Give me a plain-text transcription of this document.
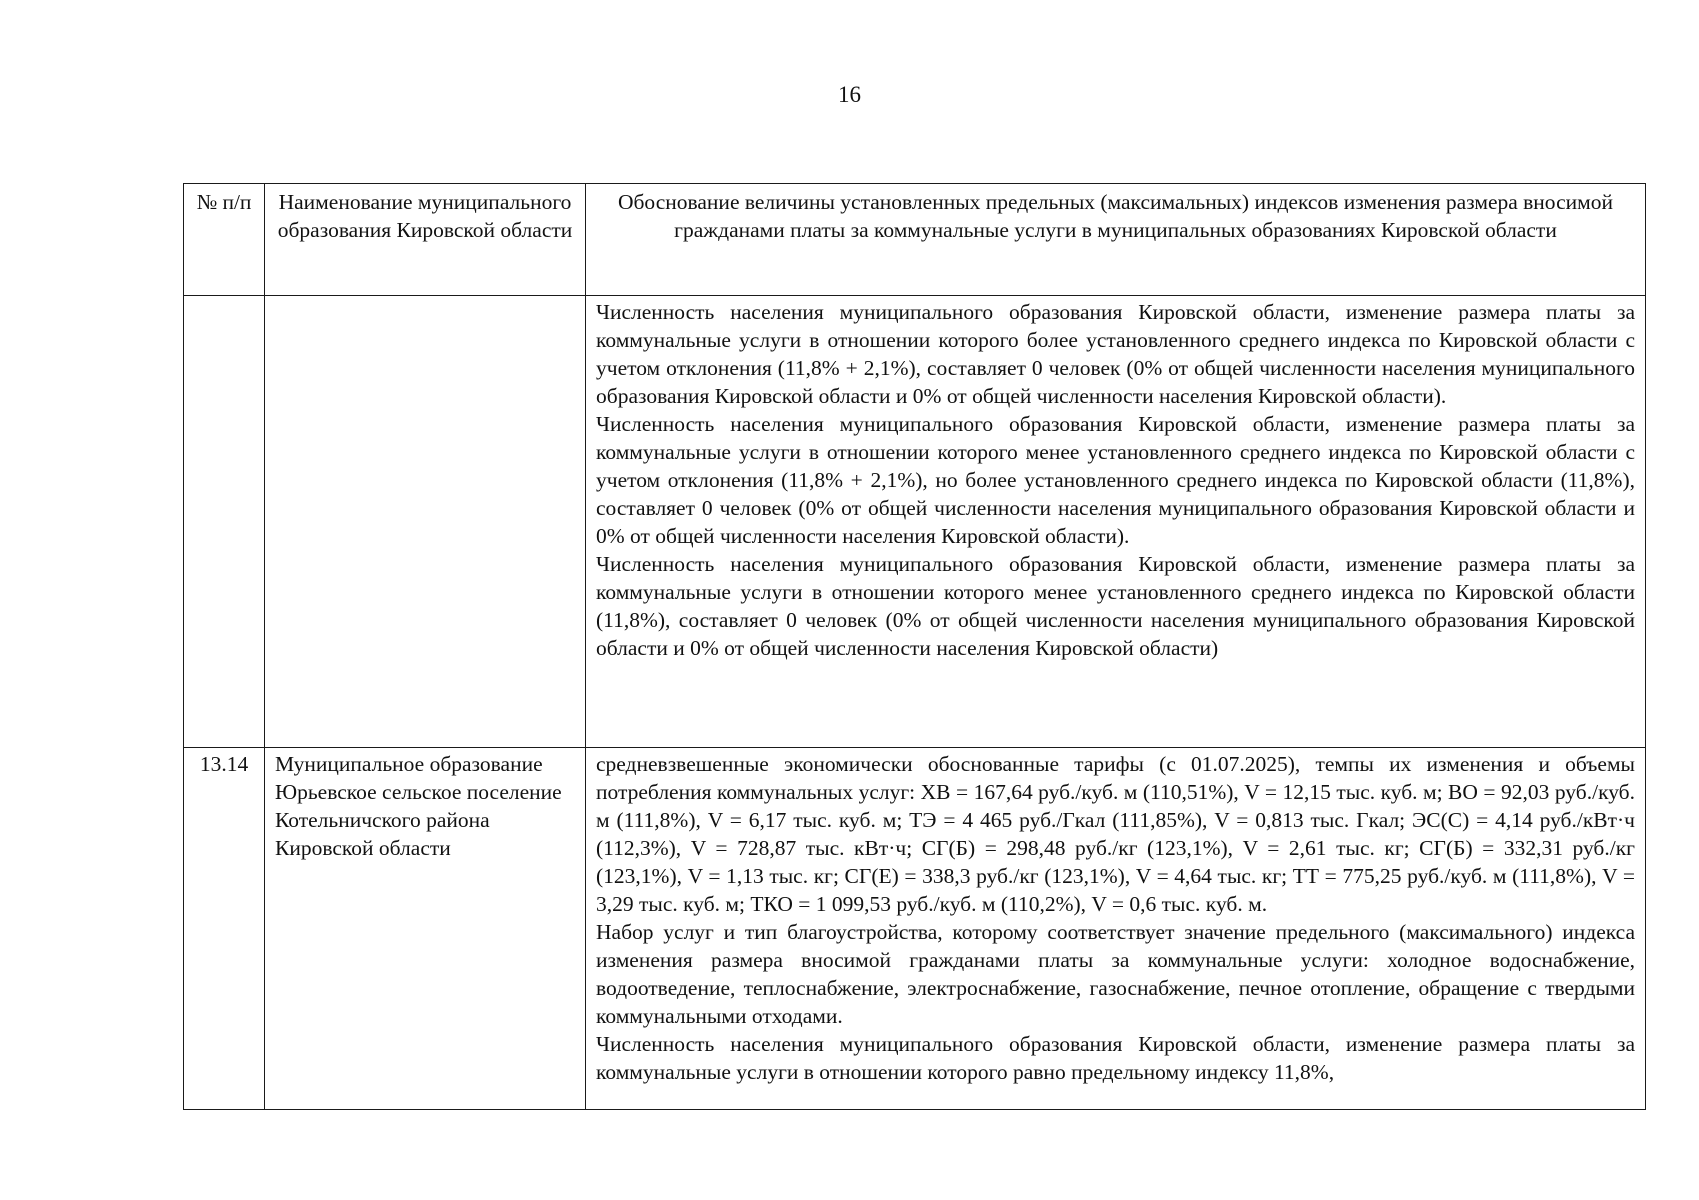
16
№ п/п	Наименование муниципального образования Кировской области	Обоснование величины установленных предельных (максимальных) индексов изменения размера вносимой гражданами платы за коммунальные услуги в муниципальных образованиях Кировской области

		Численность населения муниципального образования Кировской области, изменение размера платы за коммунальные услуги в отношении которого более установленного среднего индекса по Кировской области с учетом отклонения (11,8% + 2,1%), составляет 0 человек (0% от общей численности населения муниципального образования Кировской области и 0% от общей численности населения Кировской области).

Численность населения муниципального образования Кировской области, изменение размера платы за коммунальные услуги в отношении которого менее установленного среднего индекса по Кировской области с учетом отклонения (11,8% + 2,1%), но более установленного среднего индекса по Кировской области (11,8%), составляет 0 человек (0% от общей численности населения муниципального образования Кировской области и 0% от общей численности населения Кировской области).

Численность населения муниципального образования Кировской области, изменение размера платы за коммунальные услуги в отношении которого менее установленного среднего индекса по Кировской области (11,8%), составляет 0 человек (0% от общей численности населения муниципального образования Кировской области и 0% от общей численности населения Кировской области)

13.14	Муниципальное образование Юрьевское сельское поселение Котельничского района Кировской области	средневзвешенные экономически обоснованные тарифы (с 01.07.2025), темпы их изменения и объемы потребления коммунальных услуг: ХВ = 167,64 руб./куб. м (110,51%), V = 12,15 тыс. куб. м; ВО = 92,03 руб./куб. м (111,8%), V = 6,17 тыс. куб. м; ТЭ = 4 465 руб./Гкал (111,85%), V = 0,813 тыс. Гкал; ЭС(С) = 4,14 руб./кВт·ч (112,3%), V = 728,87 тыс. кВт·ч; СГ(Б) = 298,48 руб./кг (123,1%), V = 2,61 тыс. кг; СГ(Б) = 332,31 руб./кг (123,1%), V = 1,13 тыс. кг; СГ(Е) = 338,3 руб./кг (123,1%), V = 4,64 тыс. кг; ТТ = 775,25 руб./куб. м (111,8%), V = 3,29 тыс. куб. м; ТКО = 1 099,53 руб./куб. м (110,2%), V = 0,6 тыс. куб. м.

Набор услуг и тип благоустройства, которому соответствует значение предельного (максимального) индекса изменения размера вносимой гражданами платы за коммунальные услуги: холодное водоснабжение, водоотведение, теплоснабжение, электроснабжение, газоснабжение, печное отопление, обращение с твердыми коммунальными отходами.

Численность населения муниципального образования Кировской области, изменение размера платы за коммунальные услуги в отношении которого равно предельному индексу 11,8%,
